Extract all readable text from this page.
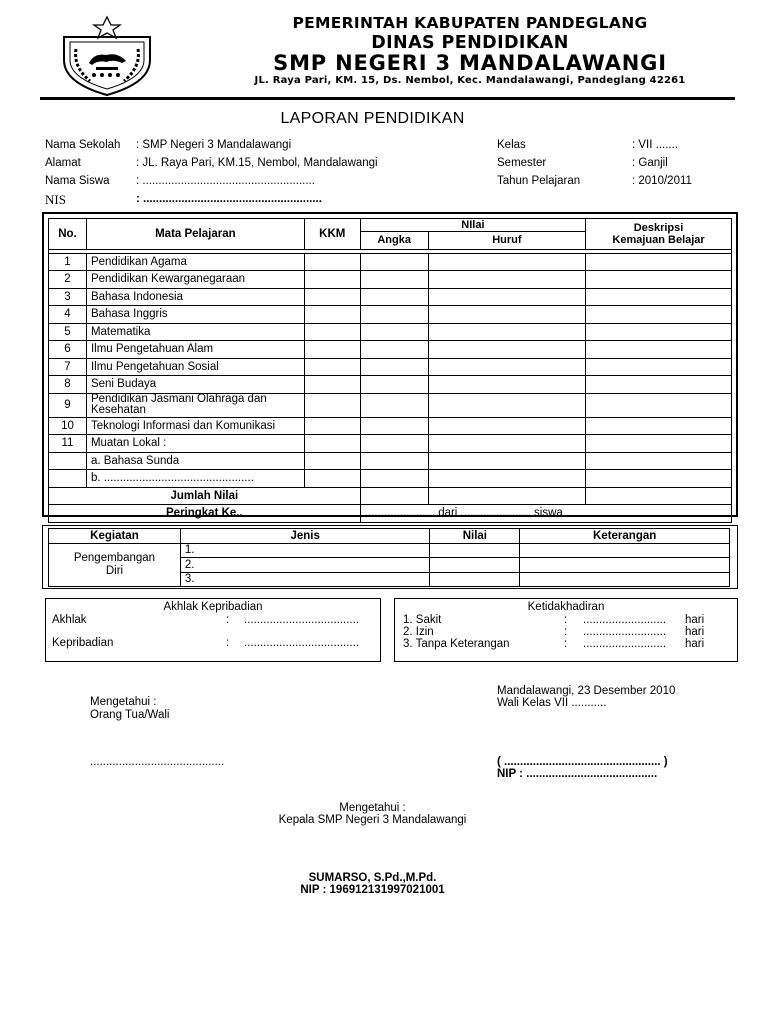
PEMERINTAH KABUPATEN PANDEGLANG
DINAS PENDIDIKAN
SMP NEGERI 3 MANDALAWANGI
JL. Raya Pari, KM. 15, Ds. Nembol, Kec. Mandalawangi, Pandeglang 42261
LAPORAN PENDIDIKAN
Nama Sekolah : SMP Negeri 3 Mandalawangi
Alamat	: JL. Raya Pari, KM.15, Nembol, Mandalawangi
Nama Siswa : ......................................................
NIS	: ........................................................
Kelas	: VII .......
Semester	: Ganjil
Tahun Pelajaran	: 2010/2011
No.	Mata Pelajaran	KKM	NIlai		Deskripsi
Kemajuan Belajar

			Angka	Huruf	

1	Pendidikan Agama				
2	Pendidikan Kewarganegaraan				
3	Bahasa Indonesia				
4	Bahasa Inggris				
5	Matematika				
6	Ilmu Pengetahuan Alam				
7	Ilmu Pengetahuan Sosial				
8	Seni Budaya				
9	Pendidikan Jasmani Olahraga dan
Kesehatan				

10	Teknologi Informasi dan Komunikasi				
11	Muatan Lokal :				
	a. Bahasa Sunda				
	b. ...............................................				
Jumlah Nilai					
Peringkat Ke..			...................... dari ...................... siswa		
Kegiatan	Jenis	Nilai	Keterangan

Pengembangan
Diri	1.		
	2.		
	3.		
Akhlak Kepribadian
Akhlak	: ....................................
Kepribadian	: ....................................
Ketidakhadiran
1. Sakit	: .......................... hari
2. Izin	: .......................... hari
3. Tanpa Keterangan	: .......................... hari
Mengetahui :
Orang Tua/Wali
..........................................
Mandalawangi, 23 Desember 2010
Wali Kelas VII ...........
( ................................................. )
NIP : .........................................
Mengetahui :
Kepala SMP Negeri 3 Mandalawangi
SUMARSO, S.Pd.,M.Pd.
NIP : 196912131997021001
